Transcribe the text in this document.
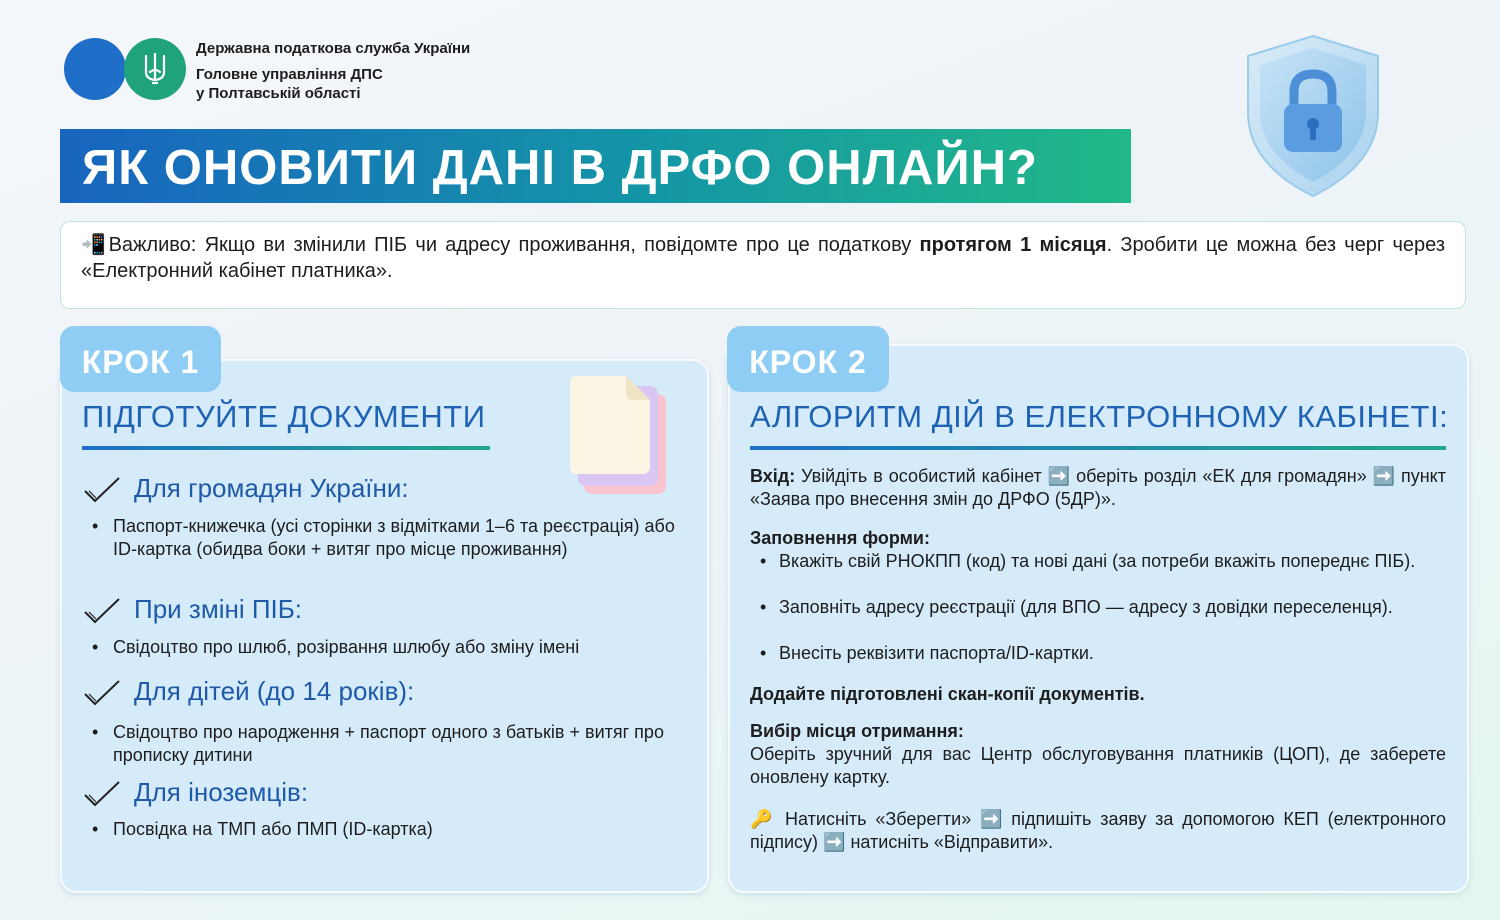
Державна податкова служба України
Головне управління ДПС
у Полтавській області
ЯК ОНОВИТИ ДАНІ В ДРФО ОНЛАЙН?
📲Важливо: Якщо ви змінили ПІБ чи адресу проживання, повідомте про це податкову протягом 1 місяця. Зробити це можна без черг через «Електронний кабінет платника».
КРОК 1
ПІДГОТУЙТЕ ДОКУМЕНТИ
Для громадян України:
• Паспорт-книжечка (усі сторінки з відмітками 1–6 та реєстрація) або ID-картка (обидва боки + витяг про місце проживання)
При зміні ПІБ:
• Свідоцтво про шлюб, розірвання шлюбу або зміну імені
Для дітей (до 14 років):
• Свідоцтво про народження + паспорт одного з батьків + витяг про прописку дитини
Для іноземців:
• Посвідка на ТМП або ПМП (ID-картка)
КРОК 2
АЛГОРИТМ ДІЙ В ЕЛЕКТРОННОМУ КАБІНЕТІ:
Вхід: Увійдіть в особистий кабінет ➡️ оберіть розділ «ЕК для громадян» ➡️ пункт «Заява про внесення змін до ДРФО (5ДР)».
Заповнення форми:
• Вкажіть свій РНОКПП (код) та нові дані (за потреби вкажіть попереднє ПІБ).
• Заповніть адресу реєстрації (для ВПО — адресу з довідки переселенця).
• Внесіть реквізити паспорта/ID-картки.
Додайте підготовлені скан-копії документів.
Вибір місця отримання:
Оберіть зручний для вас Центр обслуговування платників (ЦОП), де заберете оновлену картку.
🔑 Натисніть «Зберегти» ➡️ підпишіть заяву за допомогою КЕП (електронного підпису) ➡️ натисніть «Відправити».
